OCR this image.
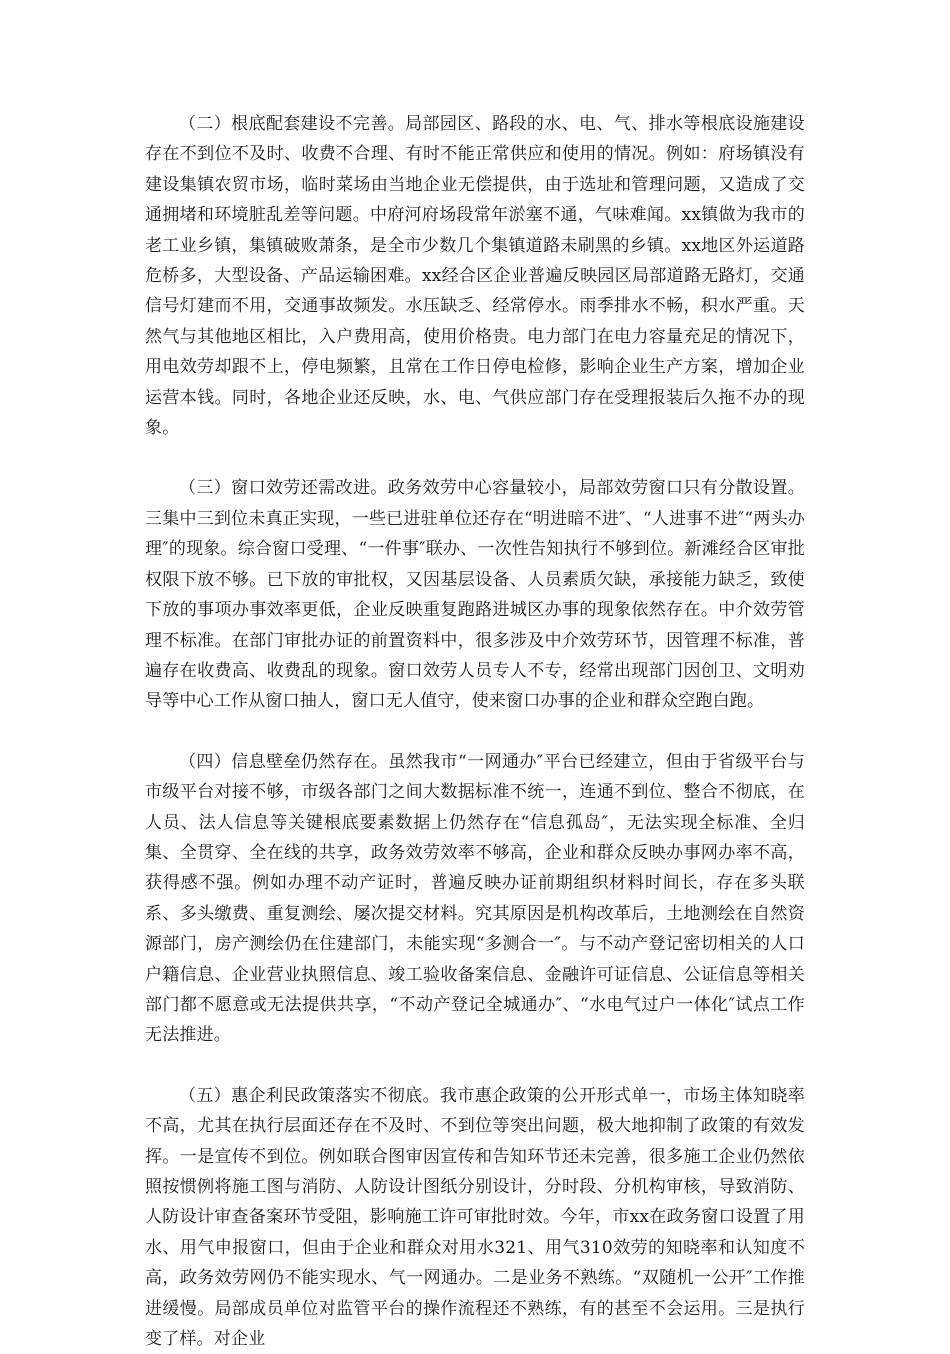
（二）根底配套建设不完善。局部园区、路段的水、电、气、排水等根底设施建设存在不到位不及时、收费不合理、有时不能正常供应和使用的情况。例如：府场镇没有建设集镇农贸市场，临时菜场由当地企业无偿提供，由于选址和管理问题，又造成了交通拥堵和环境脏乱差等问题。中府河府场段常年淤塞不通，气味难闻。xx镇做为我市的老工业乡镇，集镇破败萧条，是全市少数几个集镇道路未刷黑的乡镇。xx地区外运道路危桥多，大型设备、产品运输困难。xx经合区企业普遍反映园区局部道路无路灯，交通信号灯建而不用，交通事故频发。水压缺乏、经常停水。雨季排水不畅，积水严重。天然气与其他地区相比，入户费用高，使用价格贵。电力部门在电力容量充足的情况下，用电效劳却跟不上，停电频繁，且常在工作日停电检修，影响企业生产方案，增加企业运营本钱。同时，各地企业还反映，水、电、气供应部门存在受理报装后久拖不办的现象。

（三）窗口效劳还需改进。政务效劳中心容量较小，局部效劳窗口只有分散设置。三集中三到位未真正实现，一些已进驻单位还存在“明进暗不进″、“人进事不进″“两头办理″的现象。综合窗口受理、“一件事″联办、一次性告知执行不够到位。新滩经合区审批权限下放不够。已下放的审批权，又因基层设备、人员素质欠缺，承接能力缺乏，致使下放的事项办事效率更低，企业反映重复跑路进城区办事的现象依然存在。中介效劳管理不标准。在部门审批办证的前置资料中，很多涉及中介效劳环节，因管理不标准，普遍存在收费高、收费乱的现象。窗口效劳人员专人不专，经常出现部门因创卫、文明劝导等中心工作从窗口抽人，窗口无人值守，使来窗口办事的企业和群众空跑白跑。

（四）信息壁垒仍然存在。虽然我市“一网通办″平台已经建立，但由于省级平台与市级平台对接不够，市级各部门之间大数据标准不统一，连通不到位、整合不彻底，在人员、法人信息等关键根底要素数据上仍然存在“信息孤岛″，无法实现全标准、全归集、全贯穿、全在线的共享，政务效劳效率不够高，企业和群众反映办事网办率不高，获得感不强。例如办理不动产证时，普遍反映办证前期组织材料时间长，存在多头联系、多头缴费、重复测绘、屡次提交材料。究其原因是机构改革后，土地测绘在自然资源部门，房产测绘仍在住建部门，未能实现“多测合一″。与不动产登记密切相关的人口户籍信息、企业营业执照信息、竣工验收备案信息、金融许可证信息、公证信息等相关部门都不愿意或无法提供共享，“不动产登记全城通办″、“水电气过户一体化″试点工作无法推进。

（五）惠企利民政策落实不彻底。我市惠企政策的公开形式单一，市场主体知晓率不高，尤其在执行层面还存在不及时、不到位等突出问题，极大地抑制了政策的有效发挥。一是宣传不到位。例如联合图审因宣传和告知环节还未完善，很多施工企业仍然依照按惯例将施工图与消防、人防设计图纸分别设计，分时段、分机构审核，导致消防、人防设计审查备案环节受阻，影响施工许可审批时效。今年，市xx在政务窗口设置了用水、用气申报窗口，但由于企业和群众对用水321、用气310效劳的知晓率和认知度不高，政务效劳网仍不能实现水、气一网通办。二是业务不熟练。“双随机一公开″工作推进缓慢。局部成员单位对监管平台的操作流程还不熟练，有的甚至不会运用。三是执行变了样。对企业
